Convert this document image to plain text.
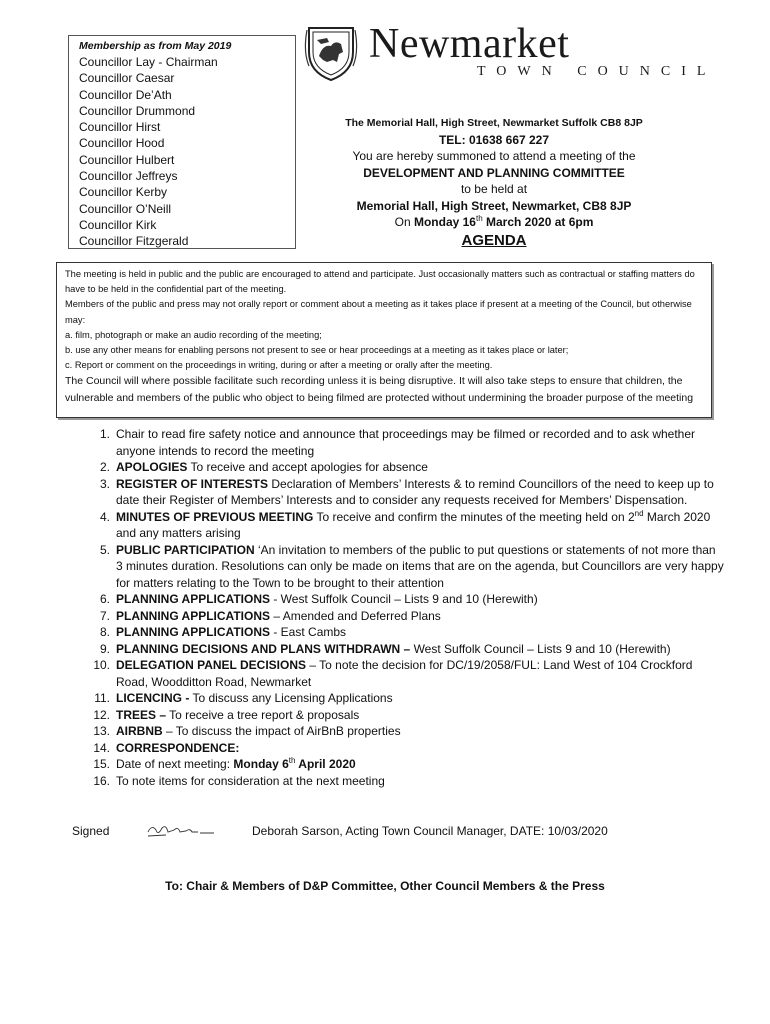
Membership as from May 2019
Councillor Lay - Chairman
Councillor Caesar
Councillor De’Ath
Councillor Drummond
Councillor Hirst
Councillor Hood
Councillor Hulbert
Councillor Jeffreys
Councillor Kerby
Councillor O’Neill
Councillor Kirk
Councillor Fitzgerald
Newmarket
TOWN COUNCIL
The Memorial Hall, High Street, Newmarket Suffolk CB8 8JP
TEL: 01638 667 227
You are hereby summoned to attend a meeting of the
DEVELOPMENT AND PLANNING COMMITTEE
to be held at
Memorial Hall, High Street, Newmarket, CB8 8JP
On Monday 16th March 2020 at 6pm
AGENDA

The meeting is held in public and the public are encouraged to attend and participate. Just occasionally matters such as contractual or staffing matters do have to be held in the confidential part of the meeting.

Members of the public and press may not orally report or comment about a meeting as it takes place if present at a meeting of the Council, but otherwise may:

a. film, photograph or make an audio recording of the meeting;

b. use any other means for enabling persons not present to see or hear proceedings at a meeting as it takes place or later;

c. Report or comment on the proceedings in writing, during or after a meeting or orally after the meeting.

The Council will where possible facilitate such recording unless it is being disruptive. It will also take steps to ensure that children, the vulnerable and members of the public who object to being filmed are protected without undermining the broader purpose of the meeting

1. Chair to read fire safety notice and announce that proceedings may be filmed or recorded and to ask whether anyone intends to record the meeting
2. APOLOGIES To receive and accept apologies for absence
3. REGISTER OF INTERESTS Declaration of Members’ Interests & to remind Councillors of the need to keep up to date their Register of Members’ Interests and to consider any requests received for Members’ Dispensation.
4. MINUTES OF PREVIOUS MEETING To receive and confirm the minutes of the meeting held on 2nd March 2020 and any matters arising
5. PUBLIC PARTICIPATION ‘An invitation to members of the public to put questions or statements of not more than 3 minutes duration. Resolutions can only be made on items that are on the agenda, but Councillors are very happy for matters relating to the Town to be brought to their attention
6. PLANNING APPLICATIONS - West Suffolk Council – Lists 9 and 10 (Herewith)
7. PLANNING APPLICATIONS – Amended and Deferred Plans
8. PLANNING APPLICATIONS - East Cambs
9. PLANNING DECISIONS AND PLANS WITHDRAWN – West Suffolk Council – Lists 9 and 10 (Herewith)
10. DELEGATION PANEL DECISIONS – To note the decision for DC/19/2058/FUL: Land West of 104 Crockford Road, Woodditton Road, Newmarket
11. LICENCING - To discuss any Licensing Applications
12. TREES – To receive a tree report & proposals
13. AIRBNB – To discuss the impact of AirBnB properties
14. CORRESPONDENCE:
15. Date of next meeting: Monday 6th April 2020
16. To note items for consideration at the next meeting
Signed	Deborah Sarson, Acting Town Council Manager, DATE: 10/03/2020
To: Chair & Members of D&P Committee, Other Council Members & the Press
